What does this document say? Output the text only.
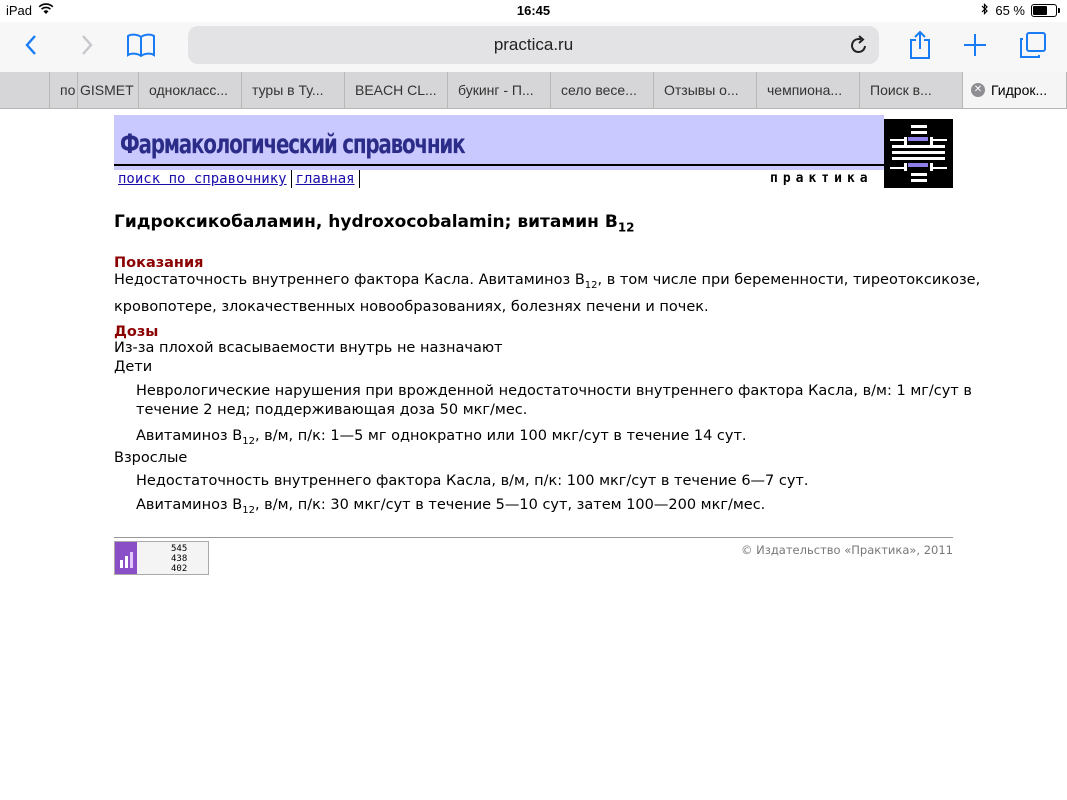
iPad	16:45	65 %
practica.ru
по GISMET	однокласс...	туры в Ту...	BEACH CL...	букинг - П...	село весе...	Отзывы о...	чемпиона...	Поиск в...	✕ Гидрок...
Фармакологический справочник
поиск по справочнику главная	практика
Гидроксикобаламин, hydroxocobalamin; витамин $B_{12}$
Показания
Недостаточность внутреннего фактора Касла. Авитаминоз $B_{12}$, в том числе при беременности, тиреотоксикозе,
кровопотере, злокачественных новообразованиях, болезнях печени и почек.
Дозы
Из-за плохой всасываемости внутрь не назначают
Дети
Неврологические нарушения при врожденной недостаточности внутреннего фактора Касла, в/м: 1 мг/сут в
течение 2 нед; поддерживающая доза 50 мкг/мес.
Авитаминоз $B_{12}$, в/м, п/к: 1—5 мг однократно или 100 мкг/сут в течение 14 сут.
Взрослые
Недостаточность внутреннего фактора Касла, в/м, п/к: 100 мкг/сут в течение 6—7 сут.
Авитаминоз $B_{12}$, в/м, п/к: 30 мкг/сут в течение 5—10 сут, затем 100—200 мкг/мес.
545
438
402
© Издательство «Практика», 2011
